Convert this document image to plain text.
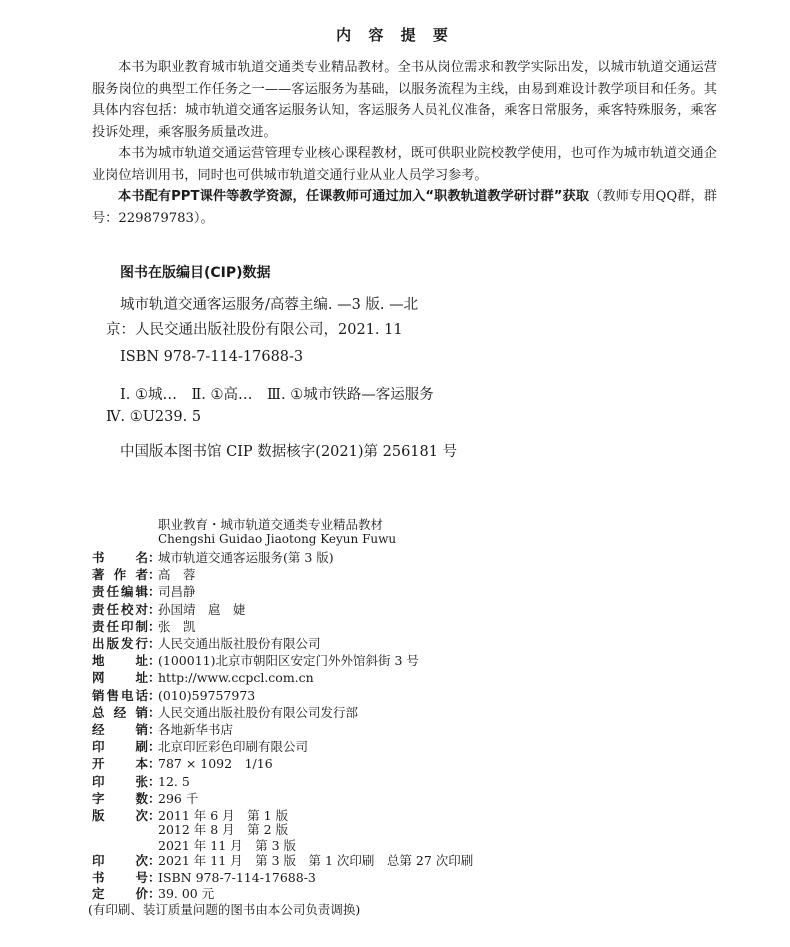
内 容 提 要
本书为职业教育城市轨道交通类专业精品教材。全书从岗位需求和教学实际出发，以城市轨道交通运营服务岗位的典型工作任务之一——客运服务为基础，以服务流程为主线，由易到难设计教学项目和任务。其具体内容包括：城市轨道交通客运服务认知，客运服务人员礼仪准备，乘客日常服务，乘客特殊服务，乘客投诉处理，乘客服务质量改进。
本书为城市轨道交通运营管理专业核心课程教材，既可供职业院校教学使用，也可作为城市轨道交通企业岗位培训用书，同时也可供城市轨道交通行业从业人员学习参考。
本书配有PPT课件等教学资源，任课教师可通过加入“职教轨道教学研讨群”获取（教师专用QQ群，群号：229879783）。
图书在版编目(CIP)数据
城市轨道交通客运服务/高蓉主编. —3 版. —北
京：人民交通出版社股份有限公司，2021. 11
ISBN 978-7-114-17688-3
Ⅰ. ①城…　Ⅱ. ①高…　Ⅲ. ①城市铁路—客运服务
Ⅳ. ①U239. 5
中国版本图书馆 CIP 数据核字(2021)第 256181 号
职业教育・城市轨道交通类专业精品教材
Chengshi Guidao Jiaotong Keyun Fuwu
书名：城市轨道交通客运服务(第 3 版)
著作者：高　蓉
责任编辑：司昌静
责任校对：孙国靖　扈　婕
责任印制：张　凯
出版发行：人民交通出版社股份有限公司
地址：(100011)北京市朝阳区安定门外外馆斜街 3 号
网址：http://www.ccpcl.com.cn
销售电话：(010)59757973
总经销：人民交通出版社股份有限公司发行部
经销：各地新华书店
印刷：北京印匠彩色印刷有限公司
开本：787 × 1092　1/16
印张：12. 5
字数：296 千
版次：2011 年 6 月　第 1 版
2012 年 8 月　第 2 版
2021 年 11 月　第 3 版
印次：2021 年 11 月　第 3 版　第 1 次印刷　总第 27 次印刷
书号：ISBN 978-7-114-17688-3
定价：39. 00 元
(有印刷、装订质量问题的图书由本公司负责调换)
